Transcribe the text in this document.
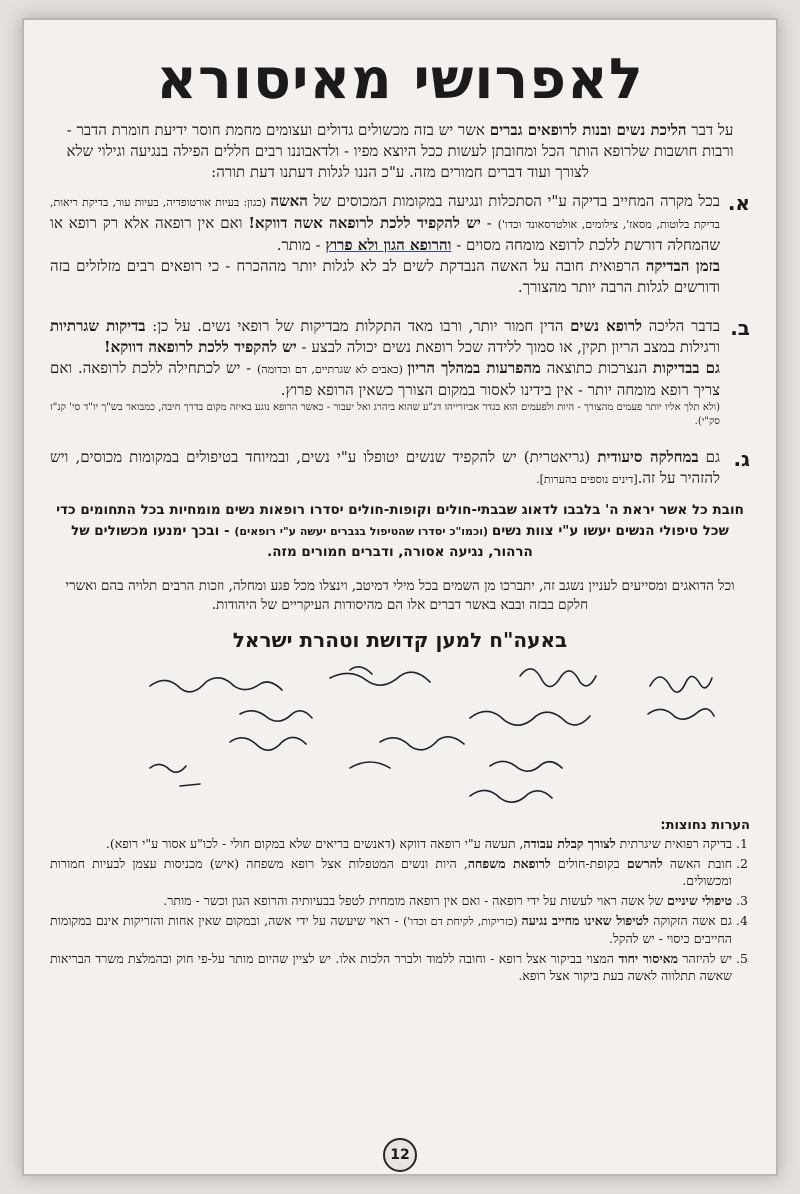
לאפרושי מאיסורא

על דבר הליכת נשים ובנות לרופאים גברים אשר יש בזה מכשולים גדולים ועצומים מחמת חוסר ידיעת חומרת הדבר - ורבות חושבות שלרופא הותר הכל ומחובתן לעשות ככל היוצא מפיו - ולדאבוננו רבים חללים הפילה בנגיעה וגילוי שלא לצורך ועוד דברים חמורים מזה. ע"כ הננו לגלות דעתנו דעת תורה:

א.

בכל מקרה המחייב בדיקה ע"י הסתכלות ונגיעה במקומות המכוסים של האשה (כגון: בעיות אורטופדיה, בעיות עור, בדיקת ריאות, בדיקת בלוטות, מסאז', צילומים, אולטרסאונד וכדו') - יש להקפיד ללכת לרופאה אשה דווקא! ואם אין רופאה אלא רק רופא או שהמחלה דורשת ללכת לרופא מומחה מסוים - והרופא הגון ולא פרוץ - מותר.
בזמן הבדיקה הרפואית חובה על האשה הנבדקת לשים לב לא לגלות יותר מההכרח - כי רופאים רבים מזלזלים בזה ודורשים לגלות הרבה יותר מהצורך.

ב.

בדבר הליכה לרופא נשים הדין חמור יותר, ורבו מאד התקלות מבדיקות של רופאי נשים. על כן: בדיקות שגרתיות ורגילות במצב הריון תקין, או סמוך ללידה שכל רופאת נשים יכולה לבצע - יש להקפיד ללכת לרופאה דווקא!
גם בבדיקות הנצרכות כתוצאה מהפרעות במהלך הריון (כאבים לא שגרתיים, דם וכדומה) - יש לכתחילה ללכת לרופאה. ואם צריך רופא מומחה יותר - אין בידינו לאסור במקום הצורך כשאין הרופא פרוץ.
(ולא תלך אליו יותר פעמים מהצורך - היות ולפעמים הוא בגדר אביזרייהו דג"ע שהוא ביהרג ואל יעבור - כאשר הרופא נוגע באיזה מקום בדרך חיבה, כמבואר בש"ך יו"ד סי' קנ"ז סק"י).

ג.

גם במחלקה סיעודית (גריאטרית) יש להקפיד שנשים יטופלו ע"י נשים, ובמיוחד בטיפולים במקומות מכוסים, ויש להזהיר על זה.[דינים נוספים בהערות].

חובת כל אשר יראת ה' בלבבו לדאוג שבבתי-חולים וקופות-חולים יסדרו רופאות נשים מומחיות בכל התחומים כדי שכל טיפולי הנשים יעשו ע"י צוות נשים (וכמו"כ יסדרו שהטיפול בגברים יעשה ע"י רופאים) - ובכך ימנעו מכשולים של הרהור, נגיעה אסורה, ודברים חמורים מזה.

וכל הדואגים ומסייעים לעניין נשגב זה, יתברכו מן השמים בכל מילי דמיטב, וינצלו מכל פגע ומחלה, וזכות הרבים תלויה בהם ואשרי חלקם בבזה ובבא באשר דברים אלו הם מהיסודות העיקריים של היהודות.

באעה"ח למען קדושת וטהרת ישראל
הערות נחוצות:
1. בדיקה רפואית שיגרתית לצורך קבלת עבודה, תעשה ע"י רופאה דווקא (דאנשים בריאים שלא במקום חולי - לכו"ע אסור ע"י רופא).
2. חובת האשה להרשם בקופת-חולים לרופאת משפחה, היות ונשים המטפלות אצל רופא משפחה (איש) מכניסות עצמן לבעיות חמורות ומכשולים.
3. טיפולי שיניים של אשה ראוי לעשות על ידי רופאה - ואם אין רופאה מומחית לטפל בבעיותיה והרופא הגון וכשר - מותר.
4. גם אשה הזקוקה לטיפול שאינו מחייב נגיעה (כזריקות, לקיחת דם וכדו') - ראוי שיעשה על ידי אשה, ובמקום שאין אחות והזריקות אינם במקומות החייבים כיסוי - יש להקל.
5. יש להיזהר מאיסור יחוד המצוי בביקור אצל רופא - וחובה ללמוד ולברר הלכות אלו. יש לציין שהיום מותר על-פי חוק ובהמלצת משרד הבריאות שאשה תתלווה לאשה בעת ביקור אצל רופא.
12
